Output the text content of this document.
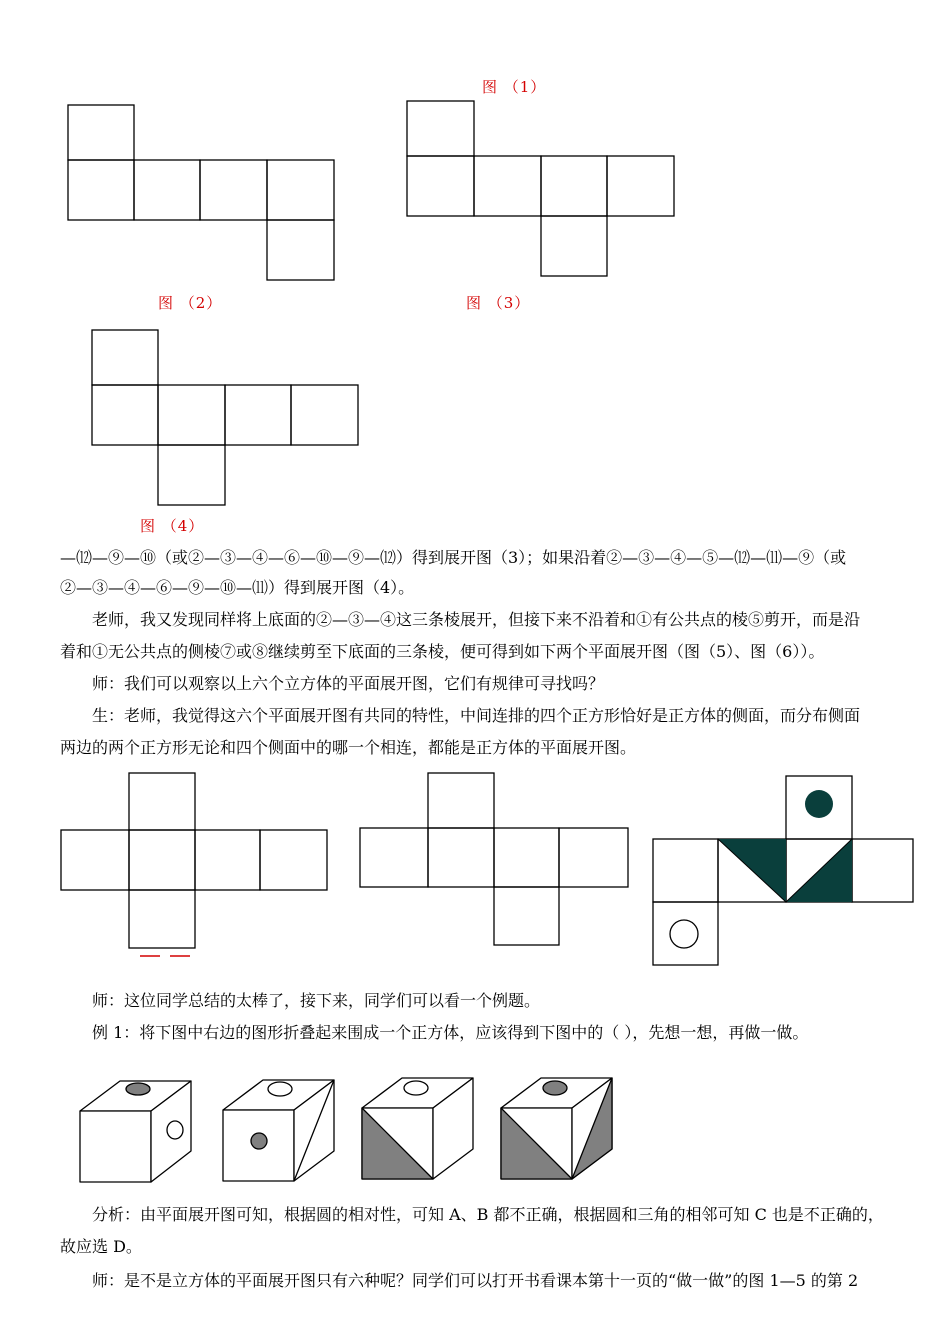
图 （1）
图 （2）	图 （3）
图 （4）
—⑿—⑨—⑩（或②—③—④—⑥—⑩—⑨—⑿）得到展开图（3）；如果沿着②—③—④—⑤—⑿—⑾—⑨（或
②—③—④—⑥—⑨—⑩—⑾）得到展开图（4）。
老师，我又发现同样将上底面的②—③—④这三条棱展开，但接下来不沿着和①有公共点的棱⑤剪开，而是沿
着和①无公共点的侧棱⑦或⑧继续剪至下底面的三条棱，便可得到如下两个平面展开图（图（5）、图（6））。
师：我们可以观察以上六个立方体的平面展开图，它们有规律可寻找吗？
生：老师，我觉得这六个平面展开图有共同的特性，中间连排的四个正方形恰好是正方体的侧面，而分布侧面
两边的两个正方形无论和四个侧面中的哪一个相连，都能是正方体的平面展开图。
师：这位同学总结的太棒了，接下来，同学们可以看一个例题。
例 1：将下图中右边的图形折叠起来围成一个正方体，应该得到下图中的（ ），先想一想，再做一做。
分析：由平面展开图可知，根据圆的相对性，可知 A、B 都不正确，根据圆和三角的相邻可知 C 也是不正确的，
故应选 D。
师：是不是立方体的平面展开图只有六种呢？同学们可以打开书看课本第十一页的“做一做”的图 1—5 的第 2
